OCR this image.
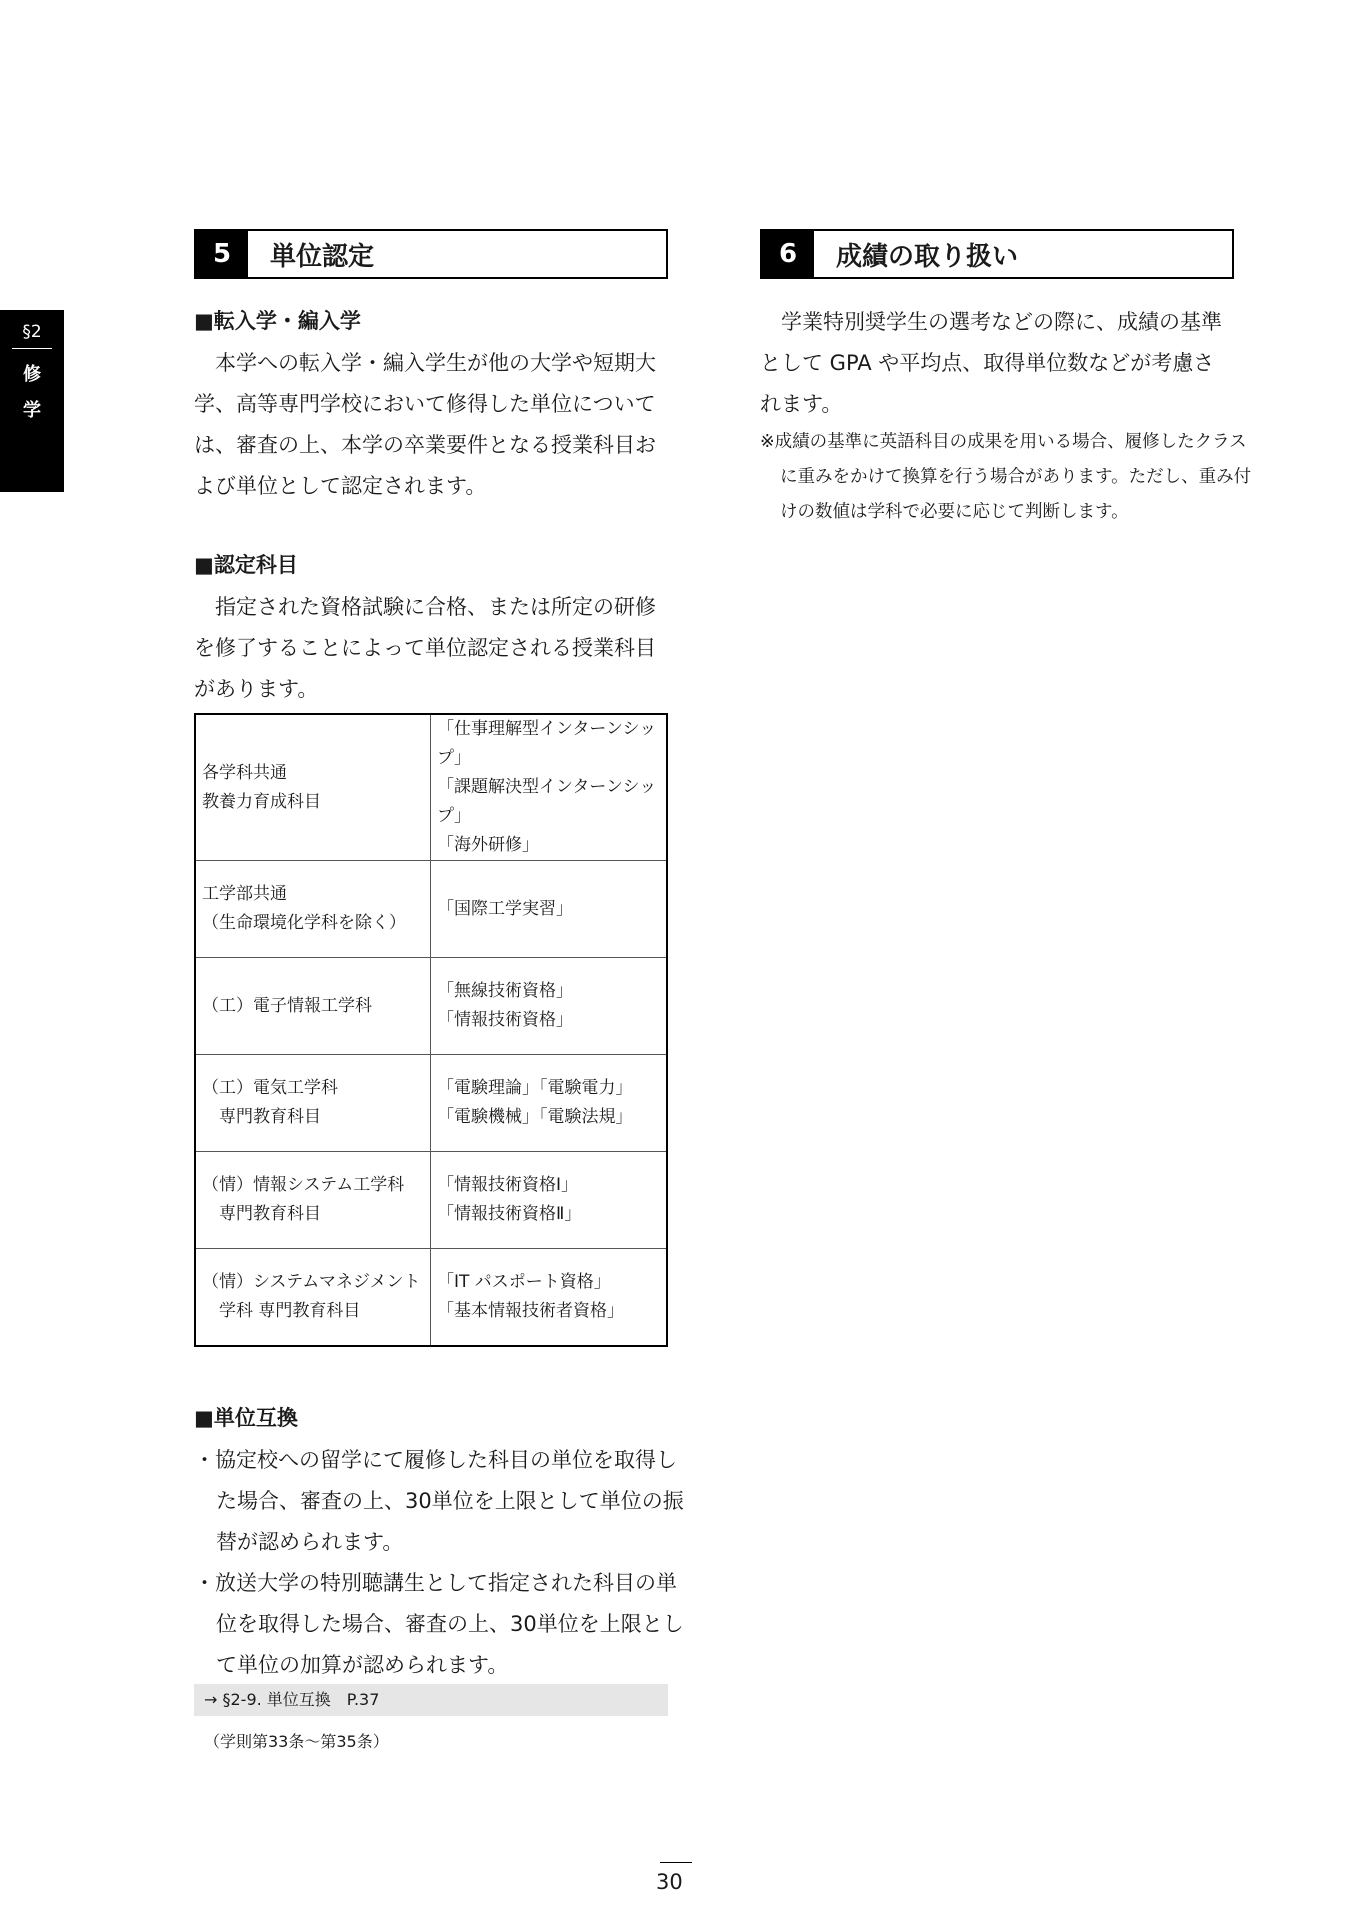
§2
修
学
5	単位認定
■転入学・編入学

本学への転入学・編入学生が他の大学や短期大学、高等専門学校において修得した単位については、審査の上、本学の卒業要件となる授業科目および単位として認定されます。

■認定科目

指定された資格試験に合格、または所定の研修を修了することによって単位認定される授業科目があります。

各学科共通
教養力育成科目	「仕事理解型インターンシップ」
「課題解決型インターンシップ」
「海外研修」

工学部共通
（生命環境化学科を除く）	「国際工学実習」

（工）電子情報工学科	「無線技術資格」
「情報技術資格」

（工）電気工学科
　専門教育科目	「電験理論」「電験電力」
「電験機械」「電験法規」

（情）情報システム工学科
　専門教育科目	「情報技術資格Ⅰ」
「情報技術資格Ⅱ」

（情）システムマネジメント
　学科 専門教育科目	「IT パスポート資格」
「基本情報技術者資格」
■単位互換

・協定校への留学にて履修した科目の単位を取得した場合、審査の上、30単位を上限として単位の振替が認められます。

・放送大学の特別聴講生として指定された科目の単位を取得した場合、審査の上、30単位を上限として単位の加算が認められます。

→ §2-9. 単位互換　P.37
（学則第33条～第35条）
6	成績の取り扱い

学業特別奨学生の選考などの際に、成績の基準として GPA や平均点、取得単位数などが考慮されます。

※成績の基準に英語科目の成果を用いる場合、履修したクラスに重みをかけて換算を行う場合があります。ただし、重み付けの数値は学科で必要に応じて判断します。

30
